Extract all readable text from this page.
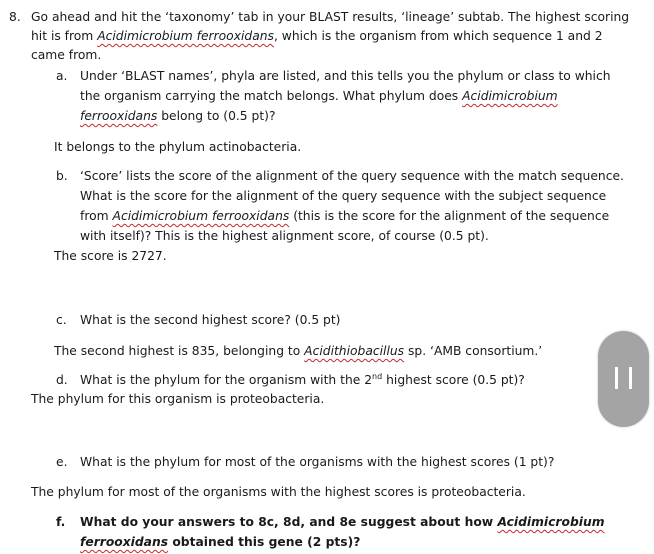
8. Go ahead and hit the ‘taxonomy’ tab in your BLAST results, ‘lineage’ subtab. The highest scoring
hit is from Acidimicrobium ferrooxidans, which is the organism from which sequence 1 and 2
came from.
a. Under ‘BLAST names’, phyla are listed, and this tells you the phylum or class to which
the organism carrying the match belongs. What phylum does Acidimicrobium
ferrooxidans belong to (0.5 pt)?
It belongs to the phylum actinobacteria.
b. ‘Score’ lists the score of the alignment of the query sequence with the match sequence.
What is the score for the alignment of the query sequence with the subject sequence
from Acidimicrobium ferrooxidans (this is the score for the alignment of the sequence
with itself)? This is the highest alignment score, of course (0.5 pt).
The score is 2727.
c. What is the second highest score? (0.5 pt)
The second highest is 835, belonging to Acidithiobacillus sp. ‘AMB consortium.’
d. What is the phylum for the organism with the 2nd highest score (0.5 pt)?
The phylum for this organism is proteobacteria.
e. What is the phylum for most of the organisms with the highest scores (1 pt)?
The phylum for most of the organisms with the highest scores is proteobacteria.
f. What do your answers to 8c, 8d, and 8e suggest about how Acidimicrobium
ferrooxidans obtained this gene (2 pts)?
